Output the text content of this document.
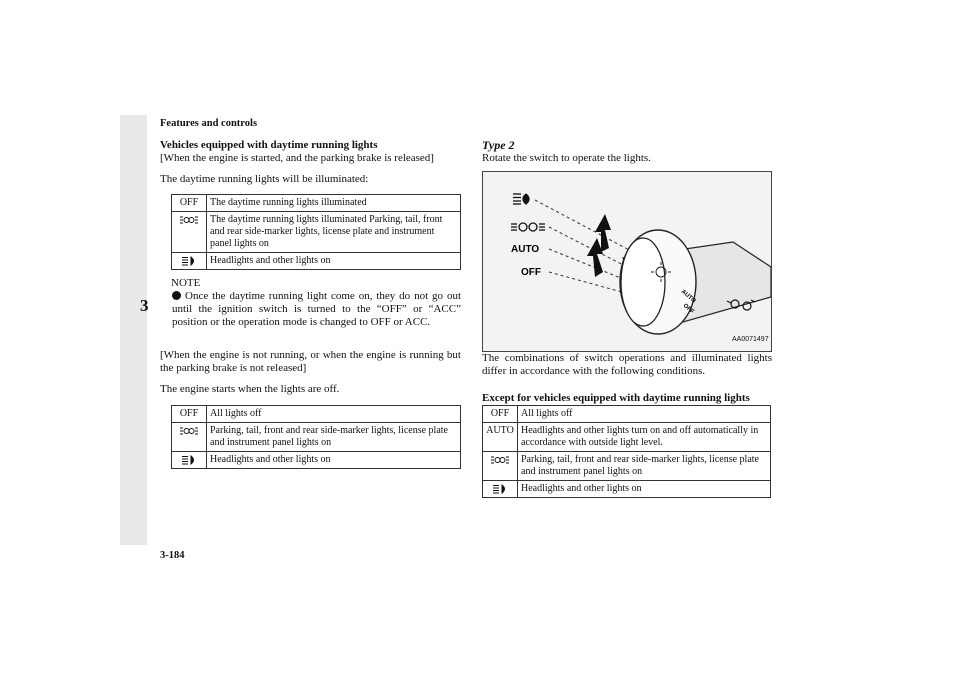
3
Features and controls
Vehicles equipped with daytime running lights
[When the engine is started, and the parking brake is released]
The daytime running lights will be illuminated:
OFF	The daytime running lights illuminated
	The daytime running lights illuminated Parking, tail, front and rear side-marker lights, license plate and instrument panel lights on
	Headlights and other lights on
NOTE
Once the daytime running light come on, they do not go out until the ignition switch is turned to the “OFF” or “ACC” position or the operation mode is changed to OFF or ACC.
[When the engine is not running, or when the engine is running but the parking brake is not released]
The engine starts when the lights are off.
OFF	All lights off
	Parking, tail, front and rear side-marker lights, license plate and instrument panel lights on
	Headlights and other lights on
Type 2
Rotate the switch to operate the lights.
AUTO
OFF
AUTO
OFF
AA0071497
The combinations of switch operations and illuminated lights differ in accordance with the following conditions.
Except for vehicles equipped with daytime running lights
OFF	All lights off
AUTO	Headlights and other lights turn on and off automatically in accordance with outside light level.
	Parking, tail, front and rear side-marker lights, license plate and instrument panel lights on
	Headlights and other lights on
3-184
